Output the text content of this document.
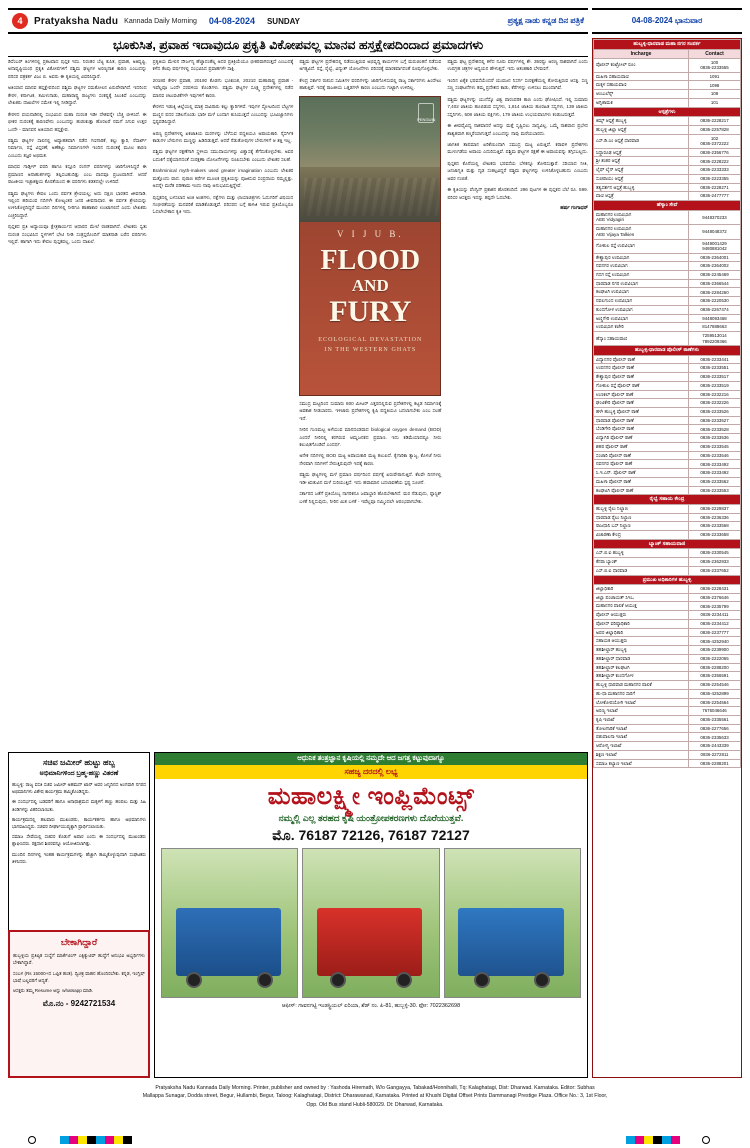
4	Pratyaksha Nadu Kannada Daily Morning 04-08-2024 SUNDAY	ಪ್ರತ್ಯಕ್ಷ ನಾಡು ಕನ್ನಡ ದಿನ ಪತ್ರಿಕೆ	04-08-2024 ಭಾನುವಾರ
ಭೂಕುಸಿತ, ಪ್ರವಾಹ ಇದಾವುದೂ ಪ್ರಕೃತಿ ವಿಕೋಪವಲ್ಲ ಮಾನವ ಹಸ್ತಕ್ಷೇಪದಿಂದಾದ ಪ್ರಮಾದಗಳು

ಡಿಸೆಂಬರ್ ತಿಂಗಳಿನಲ್ಲಿ ಪ್ರಕಟವಾದ ಪುಸ್ತಕ ಇದು. ನಿರಂತರ ಬೆಟ್ಟ ಕುಸಿತ, ಪ್ರವಾಹ, ಅತಿವೃಷ್ಟಿ, ಅನಾವೃಷ್ಟಿಯಂಥ ಪ್ರಕೃತಿ ವಿಕೋಪಗಳಿಗೆ ಪಶ್ಚಿಮ ಘಟ್ಟಗಳ ಅರಣ್ಯನಾಶ ಕಾರಣ ಎಂಬುದನ್ನು ಪರಿಸರ ಪತ್ರಕರ್ತ ವಿಜು ಬಿ. ಅವರು ಈ ಕೃತಿಯಲ್ಲಿ ವಿವರಿಸಿದ್ದಾರೆ.

ಅತಿಯಾದ ಮಾನವ ಹಸ್ತಕ್ಷೇಪದಿಂದ ಪಶ್ಚಿಮ ಘಟ್ಟಗಳ ಸಮತೋಲನ ಏರುಪೇರಾಗಿದೆ. ಇದರಿಂದ ಕೇರಳ, ಕರ್ನಾಟಕ, ತಮಿಳುನಾಡು, ಮಹಾರಾಷ್ಟ್ರ ರಾಜ್ಯಗಳು ಸಂಕಷ್ಟಕ್ಕೆ ಸಿಲುಕಿವೆ ಎಂಬುದನ್ನು ಲೇಖಕರು ದಾಖಲೆಗಳ ಸಮೇತ ಇಲ್ಲಿ ನೀಡಿದ್ದಾರೆ.

ಕೇರಳದ ವಯನಾಡಿನಲ್ಲಿ ಸಂಭವಿಸಿದ ಮಹಾ ದುರಂತ ಇಡೀ ದೇಶವನ್ನೇ ಬೆಚ್ಚಿ ಬೀಳಿಸಿದೆ. ಈ ಭೀಕರ ದುರಂತಕ್ಕೆ ಕಾರಣವೇನು ಎಂಬುದನ್ನು ಹುಡುಕುತ್ತಾ ಹೊರಟರೆ ನಮಗೆ ಸಿಗುವ ಉತ್ತರ ಒಂದೇ - ಮಾನವನ ಅತಿಯಾದ ಹಸ್ತಕ್ಷೇಪ.

ಪಶ್ಚಿಮ ಘಟ್ಟಗಳ ಸಾಲಿನಲ್ಲಿ ಅವ್ಯಾಹತವಾಗಿ ನಡೆದ ಗಣಿಗಾರಿಕೆ, ಕಲ್ಲು ಕ್ವಾರಿ, ರೆಸಾರ್ಟ್ ನಿರ್ಮಾಣ, ರಸ್ತೆ ವಿಸ್ತರಣೆ, ಅಣೆಕಟ್ಟು ನಿರ್ಮಾಣಗಳೇ ಇಂದಿನ ದುರಂತಕ್ಕೆ ಮೂಲ ಕಾರಣ ಎಂಬುದು ತಜ್ಞರ ಅಭಿಮತ.

ಮಾಧವ ಗಾಡ್ಗೀಳ್ ವರದಿ ಹಾಗೂ ಕಸ್ತೂರಿ ರಂಗನ್ ವರದಿಗಳನ್ನು ಜಾರಿಗೊಳಿಸಿದ್ದರೆ ಈ ಪ್ರಮಾಣದ ಅನಾಹುತಗಳನ್ನು ತಪ್ಪಿಸಬಹುದಿತ್ತು ಎಂಬ ವಾದವೂ ಪ್ರಬಲವಾಗಿದೆ. ಆದರೆ ರಾಜಕೀಯ ಇಚ್ಛಾಶಕ್ತಿಯ ಕೊರತೆಯಿಂದ ಈ ವರದಿಗಳು ಕಡತದಲ್ಲೇ ಉಳಿದಿವೆ.

ಪಶ್ಚಿಮ ಘಟ್ಟಗಳು ಕೇವಲ ಒಂದು ಪರ್ವತ ಶ್ರೇಣಿಯಲ್ಲ; ಅದು ದಕ್ಷಿಣ ಭಾರತದ ಜೀವನಾಡಿ. ಇಲ್ಲಿಂದ ಹರಿಯುವ ನದಿಗಳೇ ಕೋಟ್ಯಂತರ ಜನರ ಜೀವನಾಧಾರ. ಈ ಪರ್ವತ ಶ್ರೇಣಿಯನ್ನು ಉಳಿಸಿಕೊಳ್ಳದಿದ್ದರೆ ಮುಂದಿನ ದಿನಗಳಲ್ಲಿ ನೀರಿಗೂ ಹಾಹಾಕಾರ ಉಂಟಾಗಲಿದೆ ಎಂದು ಲೇಖಕರು ಎಚ್ಚರಿಸಿದ್ದಾರೆ.

ಪುಸ್ತಕದ ಪ್ರತಿ ಅಧ್ಯಾಯವೂ ಕ್ಷೇತ್ರಕಾರ್ಯದ ಆಧಾರದ ಮೇಲೆ ರಚಿತವಾಗಿದೆ. ಲೇಖಕರು ಸ್ವತಃ ದುರಂತ ಸಂಭವಿಸಿದ ಸ್ಥಳಗಳಿಗೆ ಭೇಟಿ ನೀಡಿ ಸಂತ್ರಸ್ತರೊಂದಿಗೆ ಮಾತನಾಡಿ ಬರೆದ ವರದಿಗಳು ಇಲ್ಲಿವೆ. ಹಾಗಾಗಿ ಇದು ಕೇವಲ ಪುಸ್ತಕವಲ್ಲ, ಒಂದು ದಾಖಲೆ.

ಪ್ರಕೃತಿಯ ಮೇಲಿನ ದೌರ್ಜನ್ಯ ಹೆಚ್ಚಾದಂತೆಲ್ಲ ಅದರ ಪ್ರತಿಕ್ರಿಯೆಯೂ ಭೀಕರವಾಗಿರುತ್ತದೆ ಎಂಬುದಕ್ಕೆ ಕಳೆದ ಕೆಲವು ವರ್ಷಗಳಲ್ಲಿ ಸಂಭವಿಸಿದ ಪ್ರವಾಹಗಳೇ ಸಾಕ್ಷಿ.

2018ರ ಕೇರಳ ಪ್ರವಾಹ, 2019ರ ಕೊಡಗು ಭೂಕುಸಿತ, 2021ರ ಮಹಾರಾಷ್ಟ್ರ ಪ್ರವಾಹ - ಇವೆಲ್ಲವೂ ಒಂದೇ ಸರಪಳಿಯ ಕೊಂಡಿಗಳು. ಪಶ್ಚಿಮ ಘಟ್ಟಗಳ ಸೂಕ್ಷ್ಮ ಪ್ರದೇಶಗಳಲ್ಲಿ ನಡೆದ ಮಾನವ ಚಟುವಟಿಕೆಗಳೇ ಇವುಗಳಿಗೆ ಕಾರಣ.

ಕೇರಳದ ಇಡುಕ್ಕಿ ಜಿಲ್ಲೆಯಲ್ಲಿ ಮಾತ್ರ ಸಾವಿರಾರು ಕಲ್ಲು ಕ್ವಾರಿಗಳಿವೆ. ಇವುಗಳ ಸ್ಫೋಟದಿಂದ ಬೆಟ್ಟಗಳ ಮಣ್ಣಿನ ಪದರ ಸಡಿಲಗೊಂಡು ಭಾರೀ ಮಳೆ ಬಂದಾಗ ಕುಸಿಯುತ್ತದೆ ಎಂಬುದನ್ನು ಭೂವಿಜ್ಞಾನಿಗಳು ಸ್ಪಷ್ಟಪಡಿಸಿದ್ದಾರೆ.

ಅರಣ್ಯ ಪ್ರದೇಶಗಳಲ್ಲಿ ಏಕಜಾತಿಯ ಮರಗಳನ್ನು ಬೆಳೆಸುವ ಪದ್ಧತಿಯೂ ಅಪಾಯಕಾರಿ. ನೈಸರ್ಗಿಕ ಕಾಡುಗಳ ಬೇರುಗಳು ಮಣ್ಣನ್ನು ಹಿಡಿದಿಡುತ್ತವೆ. ಆದರೆ ನೆಡುತೋಪುಗಳ ಬೇರುಗಳಿಗೆ ಆ ಶಕ್ತಿ ಇಲ್ಲ.

ಪಶ್ಚಿಮ ಘಟ್ಟಗಳ ರಕ್ಷಣೆಗಾಗಿ ಸ್ಥಳೀಯ ಸಮುದಾಯಗಳನ್ನು ವಿಶ್ವಾಸಕ್ಕೆ ತೆಗೆದುಕೊಳ್ಳಬೇಕು. ಅವರ ಬದುಕಿಗೆ ಧಕ್ಕೆಯಾಗದಂತೆ ಸಂರಕ್ಷಣಾ ಯೋಜನೆಗಳನ್ನು ರೂಪಿಸಬೇಕು ಎಂಬುದು ಲೇಖಕರ ಸಲಹೆ.

Brahminical myth-makers used greater imagination ಎಂಬುದು ಲೇಖಕರ ಮತ್ತೊಂದು ವಾದ. ಪುರಾಣ ಕಥೆಗಳ ಮೂಲಕ ಪ್ರಕೃತಿಯನ್ನು ಪೂಜಿಸುವ ಸಂಪ್ರದಾಯ ನಮ್ಮಲ್ಲಿತ್ತು. ಅದನ್ನೇ ಮರೆತ ಪರಿಣಾಮ ಇಂದು ನಾವು ಅನುಭವಿಸುತ್ತಿದ್ದೇವೆ.

ಪುಸ್ತಕದಲ್ಲಿ ಬಳಸಲಾದ ಅಂಕಿ ಅಂಶಗಳು, ನಕ್ಷೆಗಳು ಮತ್ತು ಛಾಯಾಚಿತ್ರಗಳು ಓದುಗರಿಗೆ ವಿಷಯದ ಗಂಭೀರತೆಯನ್ನು ಮನವರಿಕೆ ಮಾಡಿಕೊಡುತ್ತವೆ. ಪರಿಸರದ ಬಗ್ಗೆ ಕಾಳಜಿ ಇರುವ ಪ್ರತಿಯೊಬ್ಬರೂ ಓದಲೇಬೇಕಾದ ಕೃತಿ ಇದು.

ಪಶ್ಚಿಮ ಘಟ್ಟಗಳ ಪ್ರದೇಶದಲ್ಲಿ ನಡೆಯುತ್ತಿರುವ ಅಭಿವೃದ್ಧಿ ಕಾರ್ಯಗಳ ಬಗ್ಗೆ ಮರುಚಿಂತನೆ ನಡೆಸುವ ಅಗತ್ಯವಿದೆ. ರಸ್ತೆ, ರೈಲ್ವೆ, ವಿದ್ಯುತ್ ಯೋಜನೆಗಳು ಪರಿಸರಕ್ಕೆ ಮಾರಕವಾಗದಂತೆ ರೂಪುಗೊಳ್ಳಬೇಕು.

ಕೇಂದ್ರ ಸರ್ಕಾರ ರಚಿಸಿದ ಸಮಿತಿಗಳ ವರದಿಗಳನ್ನು ಜಾರಿಗೊಳಿಸುವಲ್ಲಿ ರಾಜ್ಯ ಸರ್ಕಾರಗಳು ಹಿಂದೇಟು ಹಾಕುತ್ತಿವೆ. ಇದಕ್ಕೆ ರಾಜಕೀಯ ಒತ್ತಡಗಳೇ ಕಾರಣ ಎಂಬುದು ಗುಟ್ಟಾಗಿ ಉಳಿದಿಲ್ಲ.

PENGUIN
V I J U B.
FLOOD
AND
FURY
ECOLOGICAL DEVASTATION
IN THE WESTERN GHATS

ಸಮುದ್ರ ಮಟ್ಟದಿಂದ ಸುಮಾರು 800 ಮೀಟರ್ ಎತ್ತರದಲ್ಲಿರುವ ಪ್ರದೇಶಗಳಲ್ಲಿ ಕಟ್ಟಡ ನಿರ್ಮಾಣಕ್ಕೆ ಅವಕಾಶ ನೀಡಬಾರದು. ಇಳಿಜಾರು ಪ್ರದೇಶಗಳಲ್ಲಿ ಕೃಷಿ ಪದ್ಧತಿಯೂ ಬದಲಾಗಬೇಕು ಎಂಬ ಸಲಹೆ ಇದೆ.

ನೀರಿನ ಗುಣಮಟ್ಟ ಅಳೆಯುವ ಮಾನದಂಡವಾದ biological oxygen demand (BOD) ಎಂದರೆ ನೀರಿನಲ್ಲಿ ಕರಗಿರುವ ಆಮ್ಲಜನಕದ ಪ್ರಮಾಣ. ಇದು ಕಡಿಮೆಯಾದಷ್ಟೂ ನೀರು ಕಲುಷಿತಗೊಂಡಿದೆ ಎಂದರ್ಥ.

ಅನೇಕ ನದಿಗಳಲ್ಲಿ BOD ಮಟ್ಟ ಅಪಾಯಕಾರಿ ಮಟ್ಟ ತಲುಪಿದೆ. ಕೈಗಾರಿಕಾ ತ್ಯಾಜ್ಯ, ಕೊಳಚೆ ನೀರು ನೇರವಾಗಿ ನದಿಗಳಿಗೆ ಸೇರುತ್ತಿರುವುದೇ ಇದಕ್ಕೆ ಕಾರಣ.

ಪಶ್ಚಿಮ ಘಟ್ಟಗಳಲ್ಲಿ ಮಳೆ ಪ್ರಮಾಣ ವರ್ಷದಿಂದ ವರ್ಷಕ್ಕೆ ಏರುಪೇರಾಗುತ್ತಿದೆ. ಕೆಲವೇ ದಿನಗಳಲ್ಲಿ ಇಡೀ ಋತುವಿನ ಮಳೆ ಸುರಿಯುತ್ತಿದೆ. ಇದು ಹವಾಮಾನ ಬದಲಾವಣೆಯ ಸ್ಪಷ್ಟ ಸೂಚನೆ.

ಸರ್ಕಾರದ ಜತೆಗೆ ಪ್ರತಿಯೊಬ್ಬ ನಾಗರಿಕನೂ ಜವಾಬ್ದಾರಿ ಹೊರಬೇಕಾಗಿದೆ. ಮರ ನೆಡುವುದು, ಪ್ಲಾಸ್ಟಿಕ್ ಬಳಕೆ ನಿಲ್ಲಿಸುವುದು, ನೀರಿನ ಮಿತ ಬಳಕೆ - ಇವೆಲ್ಲವೂ ನಮ್ಮಿಂದಲೇ ಆರಂಭವಾಗಬೇಕು.

ಪಶ್ಚಿಮ ಘಟ್ಟ ಪ್ರದೇಶದಲ್ಲಿ ಕಳೆದ ನೂರು ವರ್ಷಗಳಲ್ಲಿ ಶೇ. 35ರಷ್ಟು ಅರಣ್ಯ ನಾಶವಾಗಿದೆ ಎಂದು ಉಪಗ್ರಹ ಚಿತ್ರಗಳ ಅಧ್ಯಯನ ಹೇಳುತ್ತದೆ. ಇದು ಆತಂಕಕಾರಿ ಬೆಳವಣಿಗೆ.

ಇಂದಿನ ಏಕೈಕ ಭರವಸೆಯೆಂದರೆ ಯುವಜನ ನಿಸರ್ಗ ಸಂರಕ್ಷಣೆಯಲ್ಲಿ ತೋರುತ್ತಿರುವ ಆಸಕ್ತಿ. ಸಣ್ಣ ಸಣ್ಣ ಸಂಘಟನೆಗಳು ತಮ್ಮ ಪ್ರದೇಶದ ಕಾಡು, ಕೆರೆಗಳನ್ನು ಉಳಿಸಲು ಮುಂದಾಗಿವೆ.

ಪಶ್ಚಿಮ ಘಟ್ಟಗಳನ್ನು ಯುನೆಸ್ಕೊ ವಿಶ್ವ ಪಾರಂಪರಿಕ ತಾಣ ಎಂದು ಘೋಷಿಸಿದೆ. ಇಲ್ಲಿ ಸುಮಾರು 7,402 ಜಾತಿಯ ಹೂಬಿಡುವ ಸಸ್ಯಗಳು, 1,814 ಜಾತಿಯ ಹೂರಹಿತ ಸಸ್ಯಗಳು, 139 ಜಾತಿಯ ಸಸ್ತನಿಗಳು, 508 ಜಾತಿಯ ಪಕ್ಷಿಗಳು, 179 ಜಾತಿಯ ಉಭಯವಾಸಿಗಳು ಕಂಡುಬರುತ್ತವೆ.

ಈ ಜೀವವೈವಿಧ್ಯ ನಾಶವಾದರೆ ಅದನ್ನು ಮತ್ತೆ ಸೃಷ್ಟಿಸಲು ಸಾಧ್ಯವಿಲ್ಲ. ಒಮ್ಮೆ ನಾಶವಾದ ಪ್ರಭೇದ ಶಾಶ್ವತವಾಗಿ ಕಣ್ಮರೆಯಾಗುತ್ತದೆ ಎಂಬುದನ್ನು ನಾವು ಮರೆಯಬಾರದು.

ಜಾಗತಿಕ ತಾಪಮಾನ ಏರಿಕೆಯಿಂದಾಗಿ ಸಮುದ್ರ ಮಟ್ಟ ಏರುತ್ತಿದೆ. ಕರಾವಳಿ ಪ್ರದೇಶಗಳು ಮುಳುಗಡೆಯ ಅಪಾಯ ಎದುರಿಸುತ್ತಿವೆ. ಪಶ್ಚಿಮ ಘಟ್ಟಗಳ ರಕ್ಷಣೆ ಈ ಅಪಾಯವನ್ನು ತಗ್ಗಿಸಬಲ್ಲದು.

ಪುಸ್ತಕದ ಕೊನೆಯಲ್ಲಿ ಲೇಖಕರು ಭರವಸೆಯ ಬೆಳಕನ್ನೂ ತೋರಿಸುತ್ತಾರೆ. ಸರಿಯಾದ ನೀತಿ, ಜನಜಾಗೃತಿ ಮತ್ತು ದೃಢ ಸಂಕಲ್ಪವಿದ್ದರೆ ಪಶ್ಚಿಮ ಘಟ್ಟಗಳನ್ನು ಉಳಿಸಿಕೊಳ್ಳಬಹುದು ಎಂಬುದು ಅವರ ನಂಬಿಕೆ.

ಈ ಕೃತಿಯನ್ನು ಪೆಂಗ್ವಿನ್ ಪ್ರಕಾಶನ ಹೊರತಂದಿದೆ. 296 ಪುಟಗಳ ಈ ಪುಸ್ತಕದ ಬೆಲೆ ರೂ. 599. ಪರಿಸರ ಆಸಕ್ತರು ಇದನ್ನು ತಪ್ಪದೇ ಓದಬೇಕು.

ಹರ್ಷ ಗಂಗಾಧರ್
ಹುಬ್ಬಳ್ಳಿ-ಧಾರವಾಡ ಮಹಾ ನಗರ ಸಂಪರ್ಕ	
Incharge	Contact
ಪೊಲೀಸ್ ಕಂಟ್ರೋಲ್ ರೂಂ	100
0836-2233555
ಮಹಿಳಾ ಸಹಾಯವಾಣಿ	1091
ಮಕ್ಕಳ ಸಹಾಯವಾಣಿ	1098
ಆಂಬುಲೆನ್ಸ್	108
ಅಗ್ನಿಶಾಮಕ	101
ಆಸ್ಪತ್ರೆಗಳು	
ಕಿಮ್ಸ್ ಆಸ್ಪತ್ರೆ ಹುಬ್ಬಳ್ಳಿ	0836-2228217
ಹುಬ್ಬಳ್ಳಿ ಜಿಲ್ಲಾ ಆಸ್ಪತ್ರೆ	0836-2257828
ಎಸ್.ಡಿ.ಎಂ ಆಸ್ಪತ್ರೆ ಧಾರವಾಡ	102
0836-2372222
ಸಿದ್ದಾರೂಢ ಆಸ್ಪತ್ರೆ	0836-2356776
ಶ್ರೀ ಶಂಕರ ಆಸ್ಪತ್ರೆ	0836-2228222
ಲೈಫ್ ಲೈನ್ ಆಸ್ಪತ್ರೆ	0836-2233333
ಸುಚಿರಾಯು ಆಸ್ಪತ್ರೆ	0836-2223355
ತತ್ವದರ್ಶನ ಆಸ್ಪತ್ರೆ ಹುಬ್ಬಳ್ಳಿ	0836-2228271
ವಾಣಿ ಆಸ್ಪತ್ರೆ	0836-2477777
ಹೆಸ್ಕಾಂ ಸೇವೆ	
ಮಹಾನಗರ ಉಪವಿಭಾಗ
AEE Vidyagiri	9448370233
ಮಹಾನಗರ ಉಪವಿಭಾಗ
AEE Vijaya Talkies	9448048372
ಗೋಕುಲ ರಸ್ತೆ ಉಪವಿಭಾಗ	9449001429
9480881042
ಕೇಶ್ವಾಪುರ ಉಪವಿಭಾಗ	0836-2364001
ನವನಗರ ಉಪವಿಭಾಗ	0836-2364002
ಗದಗ ರಸ್ತೆ ಉಪವಿಭಾಗ	0836-2245469
ಧಾರವಾಡ ನಗರ ಉಪವಿಭಾಗ	0836-2366544
ಕಲಘಟಗಿ ಉಪವಿಭಾಗ	0836-2284260
ನವಲಗುಂದ ಉಪವಿಭಾಗ	0836-2220530
ಕುಂದಗೋಳ ಉಪವಿಭಾಗ	0836-2267474
ಅಣ್ಣಿಗೇರಿ ಉಪವಿಭಾಗ	9448093468
ಉಪವಿಭಾಗ ಕಚೇರಿ	8147888663
ಹೆಸ್ಕಾಂ ಸಹಾಯವಾಣಿ	7259513014
7892209366
ಹುಬ್ಬಳ್ಳಿ-ಧಾರವಾಡ ಪೊಲೀಸ್ ಠಾಣೆಗಳು	
ವಿದ್ಯಾನಗರ ಪೊಲೀಸ್ ಠಾಣೆ	0836-2233441
ಉಪನಗರ ಪೊಲೀಸ್ ಠಾಣೆ	0836-2233551
ಕೇಶ್ವಾಪುರ ಪೊಲೀಸ್ ಠಾಣೆ	0836-2233517
ಗೋಕುಲ ರಸ್ತೆ ಪೊಲೀಸ್ ಠಾಣೆ	0836-2233519
ಉಣಕಲ್ ಪೊಲೀಸ್ ಠಾಣೆ	0836-2232216
ಘಂಟಿಕೇರಿ ಪೊಲೀಸ್ ಠಾಣೆ	0836-2232226
ಹಳೇ ಹುಬ್ಬಳ್ಳಿ ಪೊಲೀಸ್ ಠಾಣೆ	0836-2233526
ಧಾರವಾಡ ಪೊಲೀಸ್ ಠಾಣೆ	0836-2233527
ಬೆಂಡಿಗೇರಿ ಪೊಲೀಸ್ ಠಾಣೆ	0836-2233528
ವಿದ್ಯಾಗಿರಿ ಪೊಲೀಸ್ ಠಾಣೆ	0836-2233536
ಶಹರ ಪೊಲೀಸ್ ಠಾಣೆ	0836-2233545
ಸಂಚಾರಿ ಪೊಲೀಸ್ ಠಾಣೆ	0836-2233546
ನವನಗರ ಪೊಲೀಸ್ ಠಾಣೆ	0836-2233492
ಸಿ.ಇ.ಎನ್. ಪೊಲೀಸ್ ಠಾಣೆ	0836-2233492
ಮಹಿಳಾ ಪೊಲೀಸ್ ಠಾಣೆ	0836-2233562
ಕಲಘಟಗಿ ಪೊಲೀಸ್ ಠಾಣೆ	0836-2233553
ರೈಲ್ವೆ ಸಹಾಯ ಕೇಂದ್ರ	
ಹುಬ್ಬಳ್ಳಿ ರೈಲು ನಿಲ್ದಾಣ	0836-2229837
ಧಾರವಾಡ ರೈಲು ನಿಲ್ದಾಣ	0836-2236336
ರಾಜಧಾನಿ ಬಸ್ ನಿಲ್ದಾಣ	0836-2233568
ವಿಚಾರಣಾ ಕೇಂದ್ರ	0836-2233658
ಬ್ಯಾಂಕ್ ಸಹಾಯವಾಣಿ	
ಎಸ್.ಬಿ.ಐ ಹುಬ್ಬಳ್ಳಿ	0836-2330545
ಕೆನರಾ ಬ್ಯಾಂಕ್	0836-2362933
ಎಸ್.ಬಿ.ಐ ಧಾರವಾಡ	0836-2337652
ಪ್ರಮುಖ ಅಧಿಕಾರಿಗಳ ಹುಬ್ಬಳ್ಳಿ	
ಜಿಲ್ಲಾಧಿಕಾರಿ	0836-2228431
ಜಿಲ್ಲಾ ಪಂಚಾಯತ್ ಸಿಇಒ	0836-2376646
ಮಹಾನಗರ ಪಾಲಿಕೆ ಆಯುಕ್ತ	0836-2235799
ಪೊಲೀಸ್ ಆಯುಕ್ತರು	0836-2234411
ಪೊಲೀಸ್ ವರಿಷ್ಠಾಧಿಕಾರಿ	0836-2234412
ಅಪರ ಜಿಲ್ಲಾಧಿಕಾರಿ	0836-2237777
ಸಹಾಯಕ ಆಯುಕ್ತರು	0836-4252940
ತಹಶೀಲ್ದಾರ್ ಹುಬ್ಬಳ್ಳಿ	0836-2239900
ತಹಶೀಲ್ದಾರ್ ಧಾರವಾಡ	0836-2222065
ತಹಶೀಲ್ದಾರ್ ಕಲಘಟಗಿ	0836-2288200
ತಹಶೀಲ್ದಾರ್ ಕುಂದಗೋಳ	0836-2356591
ಹುಬ್ಬಳ್ಳಿ ಧಾರವಾಡ ಮಹಾನಗರ ಪಾಲಿಕೆ	0836-2254546
ಹು-ಧಾ ಮಹಾನಗರ ಸಾರಿಗೆ	0836-4252899
ಲೋಕೋಪಯೋಗಿ ಇಲಾಖೆ	0836-2254564
ಅರಣ್ಯ ಇಲಾಖೆ	7676046646
ಕೃಷಿ ಇಲಾಖೆ	0836-2335561
ತೋಟಗಾರಿಕೆ ಇಲಾಖೆ	0836-2277656
ಪಶುಪಾಲನಾ ಇಲಾಖೆ	0836-2335633
ಆರೋಗ್ಯ ಇಲಾಖೆ	0836-2443339
ಶಿಕ್ಷಣ ಇಲಾಖೆ	0836-2272811
ಸಮಾಜ ಕಲ್ಯಾಣ ಇಲಾಖೆ	0836-2288201
ಸಚಿವ ಜಮೀರ್ ಹುಟ್ಟು ಹಬ್ಬ
ಅಭಿಮಾನಿಗಳಿಂದ ಬ್ರಹ್ಮ-ಹಣ್ಣು ವಿತರಣೆ

ಹುಬ್ಬಳ್ಳಿ: ರಾಜ್ಯ ವಸತಿ ಸಚಿವ ಜಮೀರ್ ಅಹಮದ್ ಖಾನ್ ಅವರ ಜನ್ಮದಿನದ ಅಂಗವಾಗಿ ನಗರದ ಅಭಿಮಾನಿಗಳು ವಿಶೇಷ ಕಾರ್ಯಕ್ರಮ ಹಮ್ಮಿಕೊಂಡಿದ್ದರು.

ಈ ಸಂದರ್ಭದಲ್ಲಿ ಬಡವರಿಗೆ ಹಾಗೂ ಅನಾಥಾಶ್ರಮದ ಮಕ್ಕಳಿಗೆ ಹಣ್ಣು ಹಂಪಲು ಮತ್ತು ಸಿಹಿ ತಿಂಡಿಗಳನ್ನು ವಿತರಿಸಲಾಯಿತು.

ಕಾರ್ಯಕ್ರಮದಲ್ಲಿ ಹಲವಾರು ಮುಖಂಡರು, ಕಾರ್ಯಕರ್ತರು ಹಾಗೂ ಅಭಿಮಾನಿಗಳು ಭಾಗವಹಿಸಿದ್ದರು. ಸಚಿವರ ದೀರ್ಘಾಯುಷ್ಯಕ್ಕಾಗಿ ಪ್ರಾರ್ಥಿಸಲಾಯಿತು.

ಸಮಾಜ ಸೇವೆಯಲ್ಲಿ ಸಚಿವರ ಕೊಡುಗೆ ಅಪಾರ ಎಂದು ಈ ಸಂದರ್ಭದಲ್ಲಿ ಮುಖಂಡರು ಶ್ಲಾಘಿಸಿದರು. ರಕ್ತದಾನ ಶಿಬಿರವನ್ನೂ ಆಯೋಜಿಸಲಾಗಿತ್ತು.

ಮುಂದಿನ ದಿನಗಳಲ್ಲಿ ಇಂತಹ ಕಾರ್ಯಕ್ರಮಗಳನ್ನು ಹೆಚ್ಚಾಗಿ ಹಮ್ಮಿಕೊಳ್ಳುವುದಾಗಿ ಸಂಘಟಕರು ತಿಳಿಸಿದರು.

ಬೇಕಾಗಿದ್ದಾರೆ

ಹುಬ್ಬಳ್ಳಿಯ ಪ್ರತಿಷ್ಠಿತ ಸಂಸ್ಥೆಗೆ ಮಾರ್ಕೆಟಿಂಗ್ ಎಕ್ಸಿಕ್ಯುಟಿವ್ ಹುದ್ದೆಗೆ ಅನುಭವಿ ಅಭ್ಯರ್ಥಿಗಳು ಬೇಕಾಗಿದ್ದಾರೆ.

ಸಂಬಳ (Rs 15000+ದ ಒಪ್ಪಿತ ಹಂತ). ದ್ವಿಚಕ್ರ ವಾಹನ ಹೊಂದಿರಬೇಕು. ಕನ್ನಡ, ಇಂಗ್ಲಿಷ್ ಭಾಷೆ ಬಲ್ಲವರಿಗೆ ಆದ್ಯತೆ.

ಆಸಕ್ತರು ತಮ್ಮ Resume ಅನ್ನು whatsapp ಮಾಡಿ.

ಮೊ.ನಂ - 9242721534
ಆಧುನಿಕ ತಂತ್ರಜ್ಞಾನ ಕೃಷಿಯಲ್ಲಿ ನಮ್ಮದೇ ಆದ ಜಗತ್ತ ಕಟ್ಟುವುದಾಗ್ಯೂ
ಸಹಜ್ಯ ದರದಲ್ಲಿ ಲಭ್ಯ
ಮಹಾಲಕ್ಷ್ಮೀ ಇಂಪ್ಲಿಮೆಂಟ್ಸ್
ನಮ್ಮಲ್ಲಿ ಎಲ್ಲ ತರಹದ ಕೃಷಿ ಯಂತ್ರೋಪಕರಣಗಳು ದೊರೆಯುತ್ತವೆ.
ಮೊ. 76187 72126, 76187 72127
ಆಫೀಸ್: ಗಾವನಗಟ್ಟಿ ಇಂಡಸ್ಟ್ರಿಯಲ್ ಏರಿಯಾ, ಶೆಡ್ ನಂ. ಪಿ-81, ಹುಬ್ಬಳ್ಳಿ-30. ಫೋ: 7022362698
Pratyaksha Nadu Kannada Daily Morning. Printer, publisher and owned by : Yashoda Hiremath, W/o Gangayya, Tabakad/Honnihalli, Tq: Kalaghatagi, Dist: Dharwad. Karnataka. Editor: Subhas
Mallappa Sunagar, Dodda street, Begur, Hullambi, Begur, Taloog: Kalaghatagi, District: Dharawanad, Karnataka. Printed at Khushi Digital Offset Prints Dammanagi Prestige Plaza. Office No.: 3, 1st Floor,
Opp. Old Bus stand Hubli-580029. Dt: Dharwad, Karnataka.
